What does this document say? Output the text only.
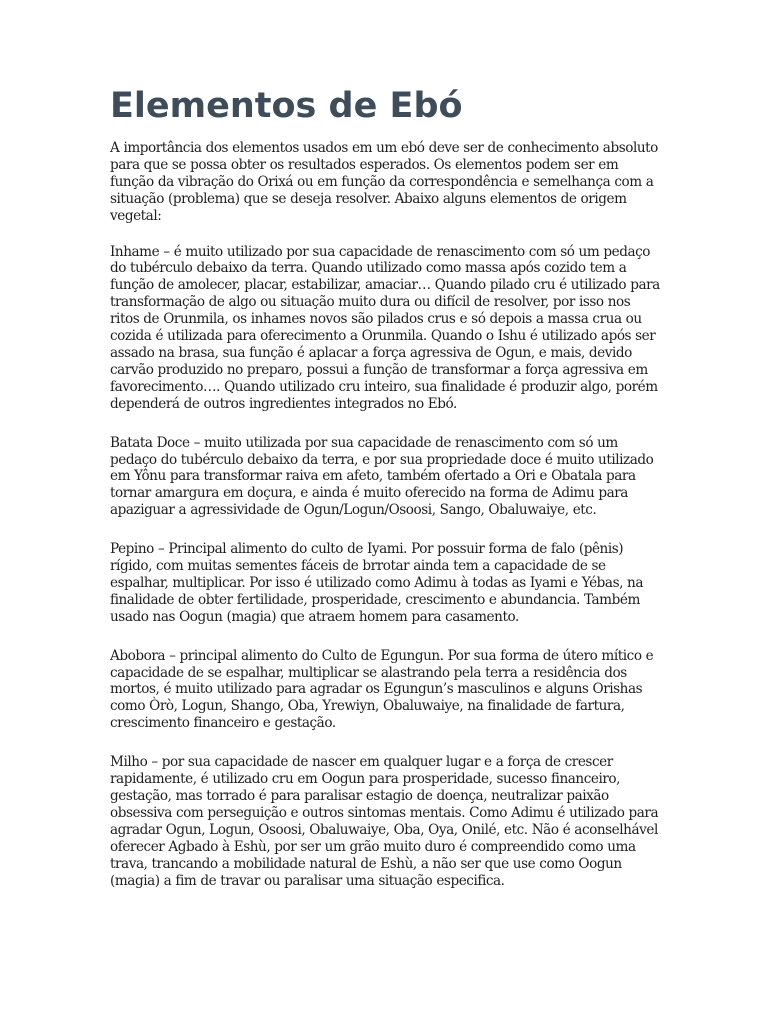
Elementos de Ebó

A importância dos elementos usados em um ebó deve ser de conhecimento absoluto para que se possa obter os resultados esperados. Os elementos podem ser em função da vibração do Orixá ou em função da correspondência e semelhança com a situação (problema) que se deseja resolver. Abaixo alguns elementos de origem vegetal:

Inhame – é muito utilizado por sua capacidade de renascimento com só um pedaço do tubérculo debaixo da terra. Quando utilizado como massa após cozido tem a função de amolecer, placar, estabilizar, amaciar… Quando pilado cru é utilizado para transformação de algo ou situação muito dura ou difícil de resolver, por isso nos ritos de Orunmila, os inhames novos são pilados crus e só depois a massa crua ou cozida é utilizada para oferecimento a Orunmila. Quando o Ishu é utilizado após ser assado na brasa, sua função é aplacar a força agressiva de Ogun, e mais, devido carvão produzido no preparo, possui a função de transformar a força agressiva em favorecimento…. Quando utilizado cru inteiro, sua finalidade é produzir algo, porém dependerá de outros ingredientes integrados no Ebó.

Batata Doce – muito utilizada por sua capacidade de renascimento com só um pedaço do tubérculo debaixo da terra, e por sua propriedade doce é muito utilizado em Yônu para transformar raiva em afeto, também ofertado a Ori e Obatala para tornar amargura em doçura, e ainda é muito oferecido na forma de Adimu para apaziguar a agressividade de Ogun/Logun/Osoosi, Sango, Obaluwaiye, etc.

Pepino – Principal alimento do culto de Iyami. Por possuir forma de falo (pênis) rígido, com muitas sementes fáceis de brrotar ainda tem a capacidade de se espalhar, multiplicar. Por isso é utilizado como Adimu à todas as Iyami e Yébas, na finalidade de obter fertilidade, prosperidade, crescimento e abundancia. Também usado nas Oogun (magia) que atraem homem para casamento.

Abobora – principal alimento do Culto de Egungun. Por sua forma de útero mítico e capacidade de se espalhar, multiplicar se alastrando pela terra a residência dos mortos, é muito utilizado para agradar os Egungun’s masculinos e alguns Orishas como Òrò, Logun, Shango, Oba, Yrewiyn, Obaluwaiye, na finalidade de fartura, crescimento financeiro e gestação.

Milho – por sua capacidade de nascer em qualquer lugar e a força de crescer rapidamente, é utilizado cru em Oogun para prosperidade, sucesso financeiro, gestação, mas torrado é para paralisar estagio de doença, neutralizar paixão obsessiva com perseguição e outros sintomas mentais. Como Adimu é utilizado para agradar Ogun, Logun, Osoosi, Obaluwaiye, Oba, Oya, Onilé, etc. Não é aconselhável oferecer Agbado à Eshù, por ser um grão muito duro é compreendido como uma trava, trancando a mobilidade natural de Eshù, a não ser que use como Oogun (magia) a fim de travar ou paralisar uma situação especifica.
